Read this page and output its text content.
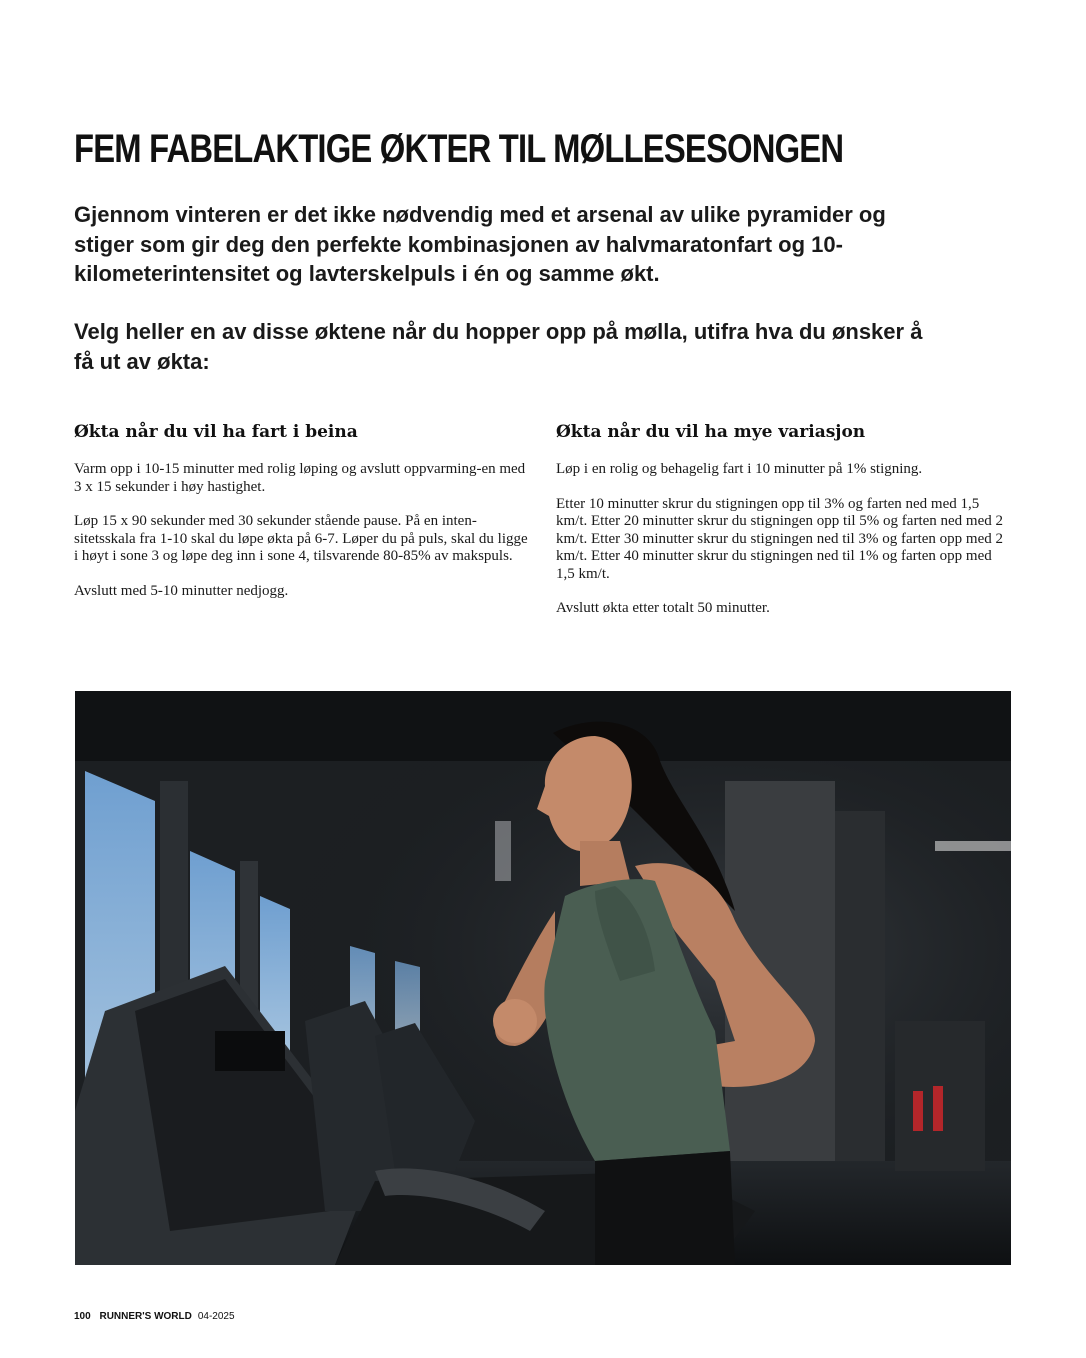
FEM FABELAKTIGE ØKTER TIL MØLLESESONGEN

Gjennom vinteren er det ikke nødvendig med et arsenal av ulike pyramider og stiger som gir deg den perfekte kombinasjonen av halvmaratonfart og 10-kilometerintensitet og lavterskelpuls i én og samme økt.

Velg heller en av disse øktene når du hopper opp på mølla, utifra hva du ønsker å få ut av økta:

Økta når du vil ha fart i beina

Varm opp i 10-15 minutter med rolig løping og avslutt oppvarming-en med 3 x 15 sekunder i høy hastighet.

Løp 15 x 90 sekunder med 30 sekunder stående pause. På en inten-sitetsskala fra 1-10 skal du løpe økta på 6-7. Løper du på puls, skal du ligge i høyt i sone 3 og løpe deg inn i sone 4, tilsvarende 80-85% av makspuls.

Avslutt med 5-10 minutter nedjogg.

Økta når du vil ha mye variasjon

Løp i en rolig og behagelig fart i 10 minutter på 1% stigning.

Etter 10 minutter skrur du stigningen opp til 3% og farten ned med 1,5 km/t. Etter 20 minutter skrur du stigningen opp til 5% og farten ned med 2 km/t. Etter 30 minutter skrur du stigningen ned til 3% og farten opp med 2 km/t. Etter 40 minutter skrur du stigningen ned til 1% og farten opp med 1,5 km/t.

Avslutt økta etter totalt 50 minutter.

100 RUNNER'S WORLD 04-2025
